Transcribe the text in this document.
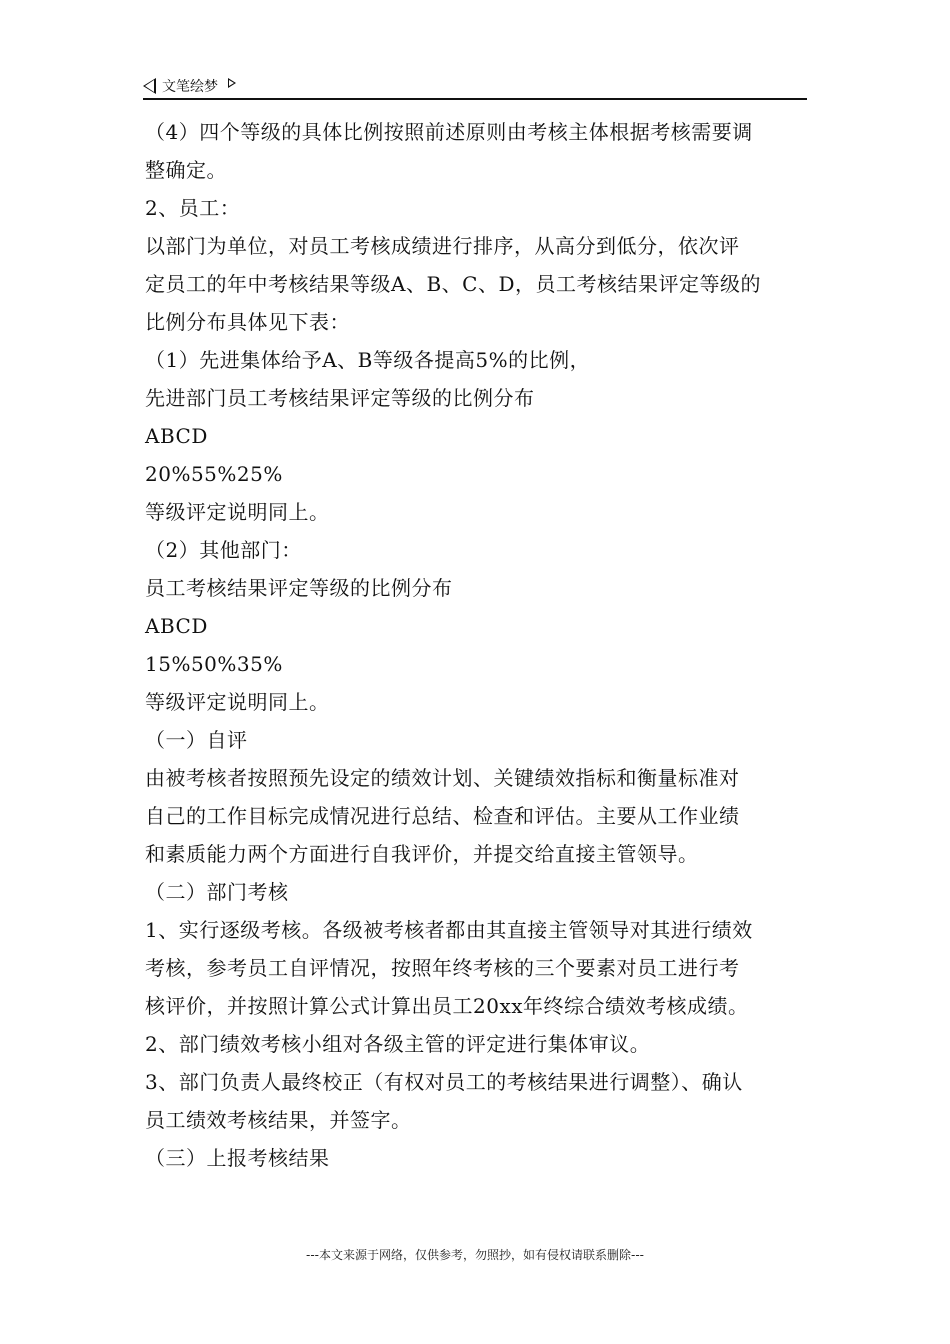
文笔绘梦

（4）四个等级的具体比例按照前述原则由考核主体根据考核需要调

整确定。

2、员工：

以部门为单位，对员工考核成绩进行排序，从高分到低分，依次评

定员工的年中考核结果等级A、B、C、D，员工考核结果评定等级的

比例分布具体见下表：

（1）先进集体给予A、B等级各提高5%的比例，

先进部门员工考核结果评定等级的比例分布

ABCD

20%55%25%

等级评定说明同上。

（2）其他部门：

员工考核结果评定等级的比例分布

ABCD

15%50%35%

等级评定说明同上。

（一）自评

由被考核者按照预先设定的绩效计划、关键绩效指标和衡量标准对

自己的工作目标完成情况进行总结、检查和评估。主要从工作业绩

和素质能力两个方面进行自我评价，并提交给直接主管领导。

（二）部门考核

1、实行逐级考核。各级被考核者都由其直接主管领导对其进行绩效

考核，参考员工自评情况，按照年终考核的三个要素对员工进行考

核评价，并按照计算公式计算出员工20xx年终综合绩效考核成绩。

2、部门绩效考核小组对各级主管的评定进行集体审议。

3、部门负责人最终校正（有权对员工的考核结果进行调整）、确认

员工绩效考核结果，并签字。

（三）上报考核结果

---本文来源于网络，仅供参考，勿照抄，如有侵权请联系删除---
